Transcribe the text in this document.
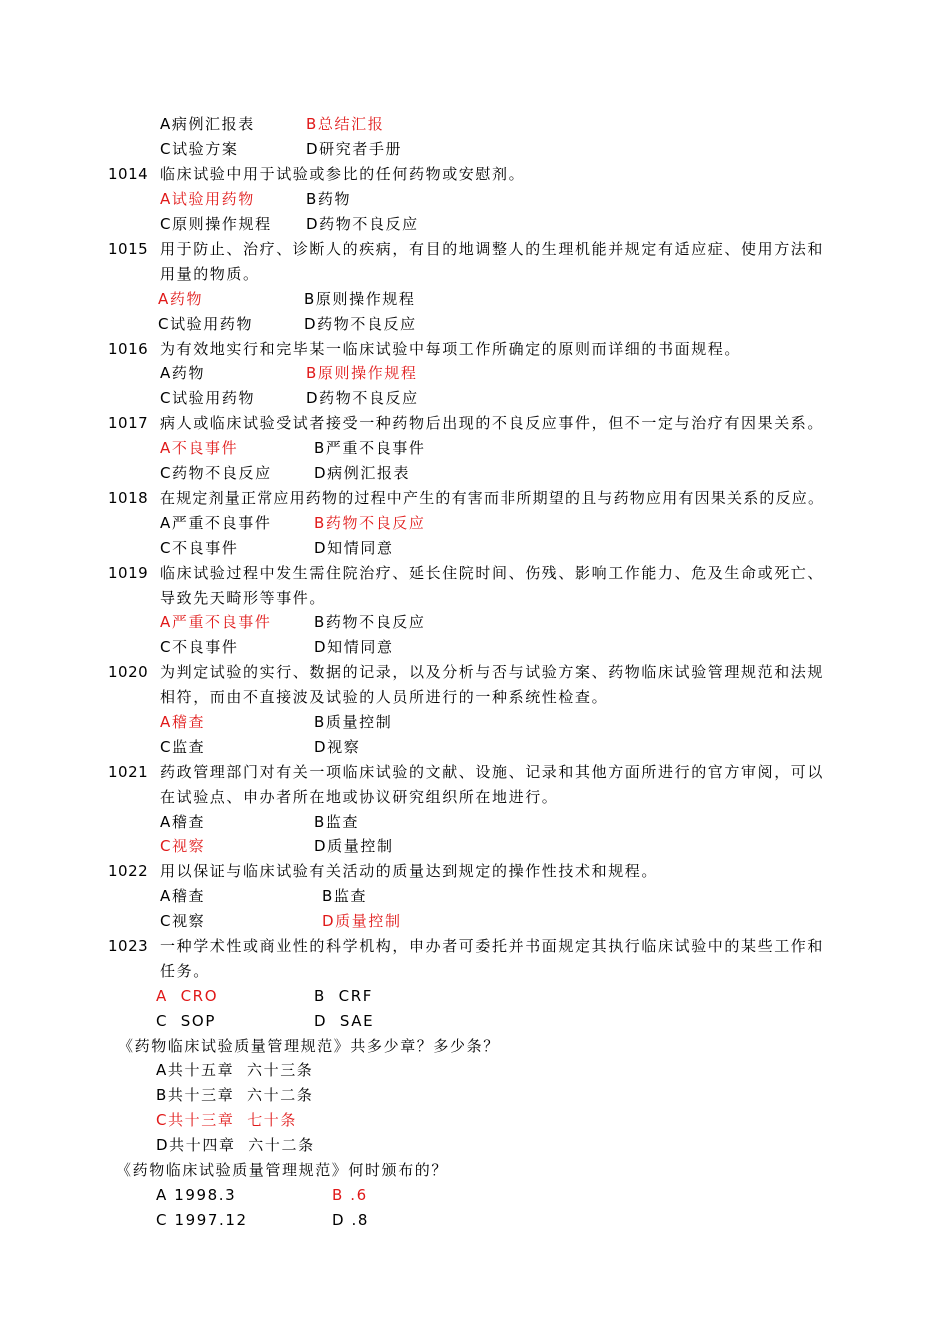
A病例汇报表	B总结汇报
C试验方案	D研究者手册
1014 临床试验中用于试验或参比的任何药物或安慰剂。
A试验用药物	B药物
C原则操作规程 D药物不良反应
1015 用于防止、治疗、诊断人的疾病，有目的地调整人的生理机能并规定有适应症、使用方法和
用量的物质。
A药物	B原则操作规程
C试验用药物	D药物不良反应
1016 为有效地实行和完毕某一临床试验中每项工作所确定的原则而详细的书面规程。
A药物	B原则操作规程
C试验用药物	D药物不良反应
1017 病人或临床试验受试者接受一种药物后出现的不良反应事件，但不一定与治疗有因果关系。
A不良事件	B严重不良事件
C药物不良反应	D病例汇报表
1018 在规定剂量正常应用药物的过程中产生的有害而非所期望的且与药物应用有因果关系的反应。
A严重不良事件	B药物不良反应
C不良事件	D知情同意
1019 临床试验过程中发生需住院治疗、延长住院时间、伤残、影响工作能力、危及生命或死亡、
导致先天畸形等事件。
A严重不良事件	B药物不良反应
C不良事件	D知情同意
1020 为判定试验的实行、数据的记录，以及分析与否与试验方案、药物临床试验管理规范和法规
相符，而由不直接波及试验的人员所进行的一种系统性检查。
A稽查	B质量控制
C监查	D视察
1021 药政管理部门对有关一项临床试验的文献、设施、记录和其他方面所进行的官方审阅，可以
在试验点、申办者所在地或协议研究组织所在地进行。
A稽查	B监查
C视察	D质量控制
1022 用以保证与临床试验有关活动的质量达到规定的操作性技术和规程。
A稽查	B监查
C视察	D质量控制
1023 一种学术性或商业性的科学机构，申办者可委托并书面规定其执行临床试验中的某些工作和
任务。
A  CRO	B  CRF
C  SOP	D  SAE
《药物临床试验质量管理规范》共多少章？多少条？
A共十五章  六十三条
B共十三章  六十二条
C共十三章  七十条
D共十四章  六十二条
《药物临床试验质量管理规范》何时颁布的？
A 1998.3	B .6
C 1997.12	D .8
